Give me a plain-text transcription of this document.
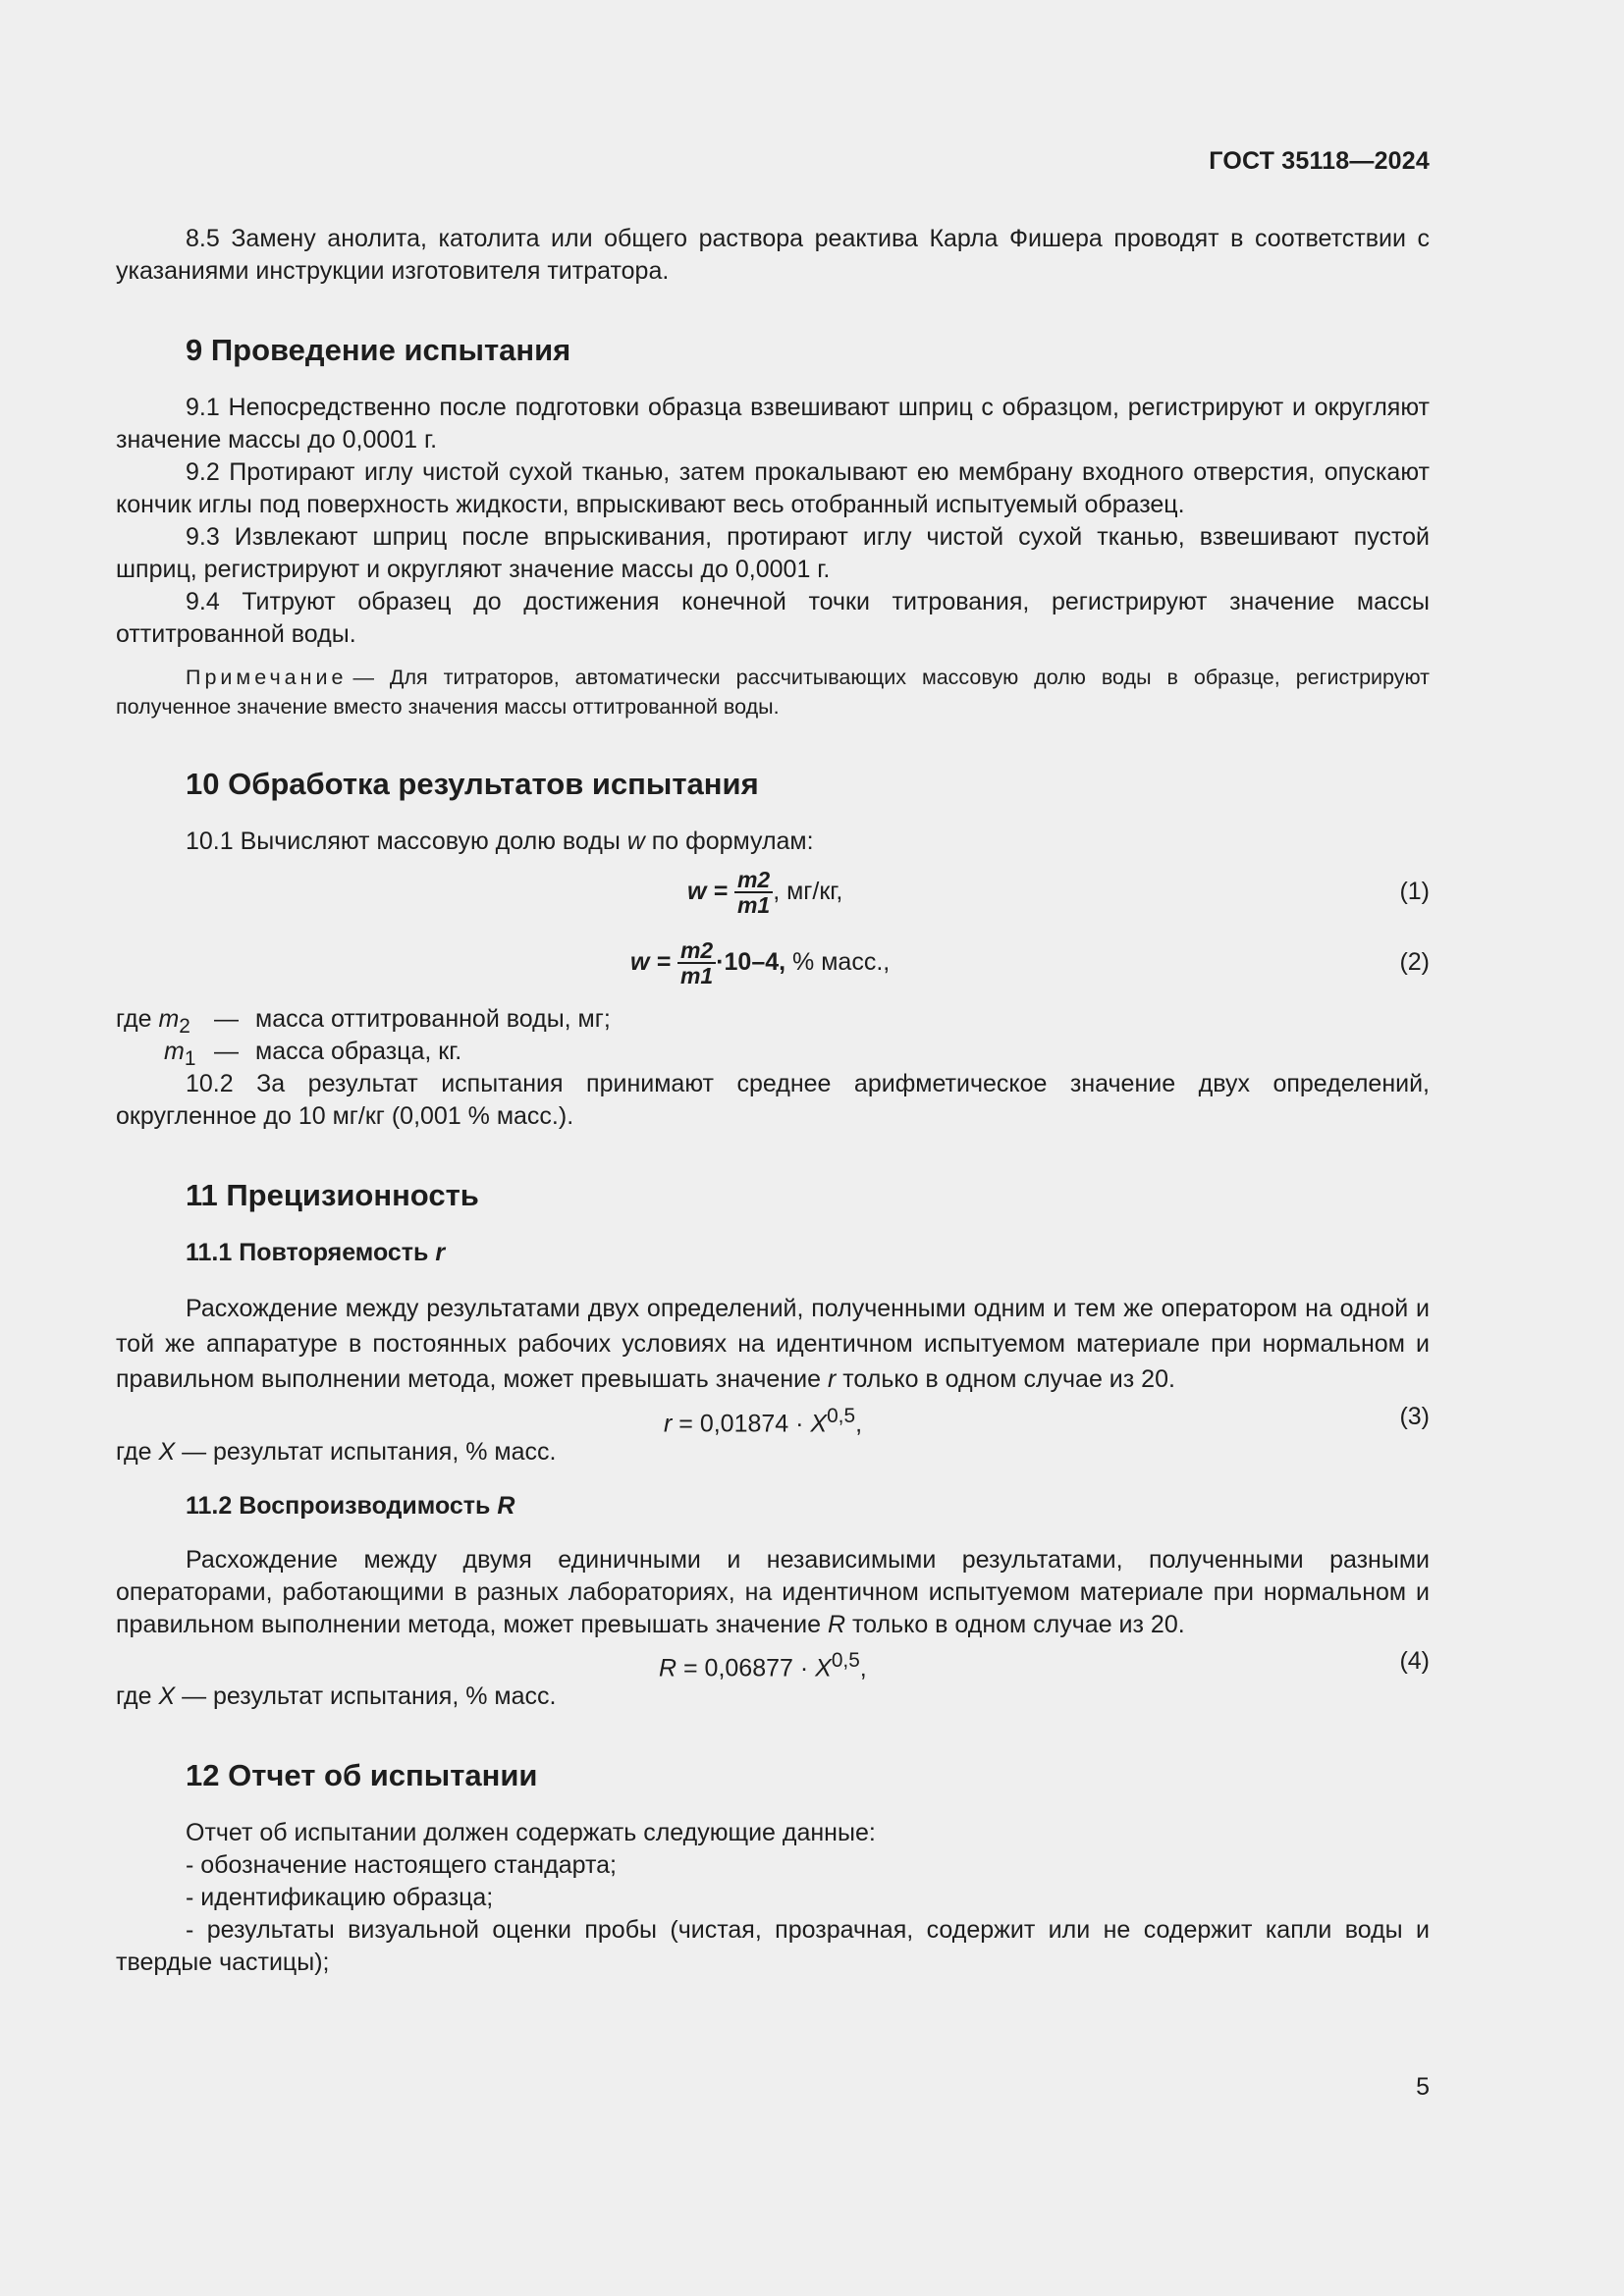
ГОСТ 35118—2024

8.5 Замену анолита, католита или общего раствора реактива Карла Фишера проводят в соответствии с указаниями инструкции изготовителя титратора.

9 Проведение испытания

9.1 Непосредственно после подготовки образца взвешивают шприц с образцом, регистрируют и округляют значение массы до 0,0001 г.

9.2 Протирают иглу чистой сухой тканью, затем прокалывают ею мембрану входного отверстия, опускают кончик иглы под поверхность жидкости, впрыскивают весь отобранный испытуемый образец.

9.3 Извлекают шприц после впрыскивания, протирают иглу чистой сухой тканью, взвешивают пустой шприц, регистрируют и округляют значение массы до 0,0001 г.

9.4 Титруют образец до достижения конечной точки титрования, регистрируют значение массы оттитрованной воды.

Примечание — Для титраторов, автоматически рассчитывающих массовую долю воды в образце, регистрируют полученное значение вместо значения массы оттитрованной воды.

10 Обработка результатов испытания

10.1 Вычисляют массовую долю воды w по формулам:

$w = \frac{m2}{m1}$ , мг/кг,	(1)
$w = \frac{m2}{m1} \cdot 10-4$, % масс.,	(2)
где $m_2$ — масса оттитрованной воды, мг;
$m_1$ — масса образца, кг.

10.2 За результат испытания принимают среднее арифметическое значение двух определений, округленное до 10 мг/кг (0,001 % масс.).

11 Прецизионность
11.1 Повторяемость r

Расхождение между результатами двух определений, полученными одним и тем же оператором на одной и той же аппаратуре в постоянных рабочих условиях на идентичном испытуемом материале при нормальном и правильном выполнении метода, может превышать значение r только в одном случае из 20.

r = 0,01874 · X$^{0,5}$,	(3)

где X — результат испытания, % масс.

11.2 Воспроизводимость R

Расхождение между двумя единичными и независимыми результатами, полученными разными операторами, работающими в разных лабораториях, на идентичном испытуемом материале при нормальном и правильном выполнении метода, может превышать значение R только в одном случае из 20.

R = 0,06877 · X$^{0,5}$,	(4)

где X — результат испытания, % масс.

12 Отчет об испытании

Отчет об испытании должен содержать следующие данные:

- обозначение настоящего стандарта;

- идентификацию образца;

- результаты визуальной оценки пробы (чистая, прозрачная, содержит или не содержит капли воды и твердые частицы);

5
